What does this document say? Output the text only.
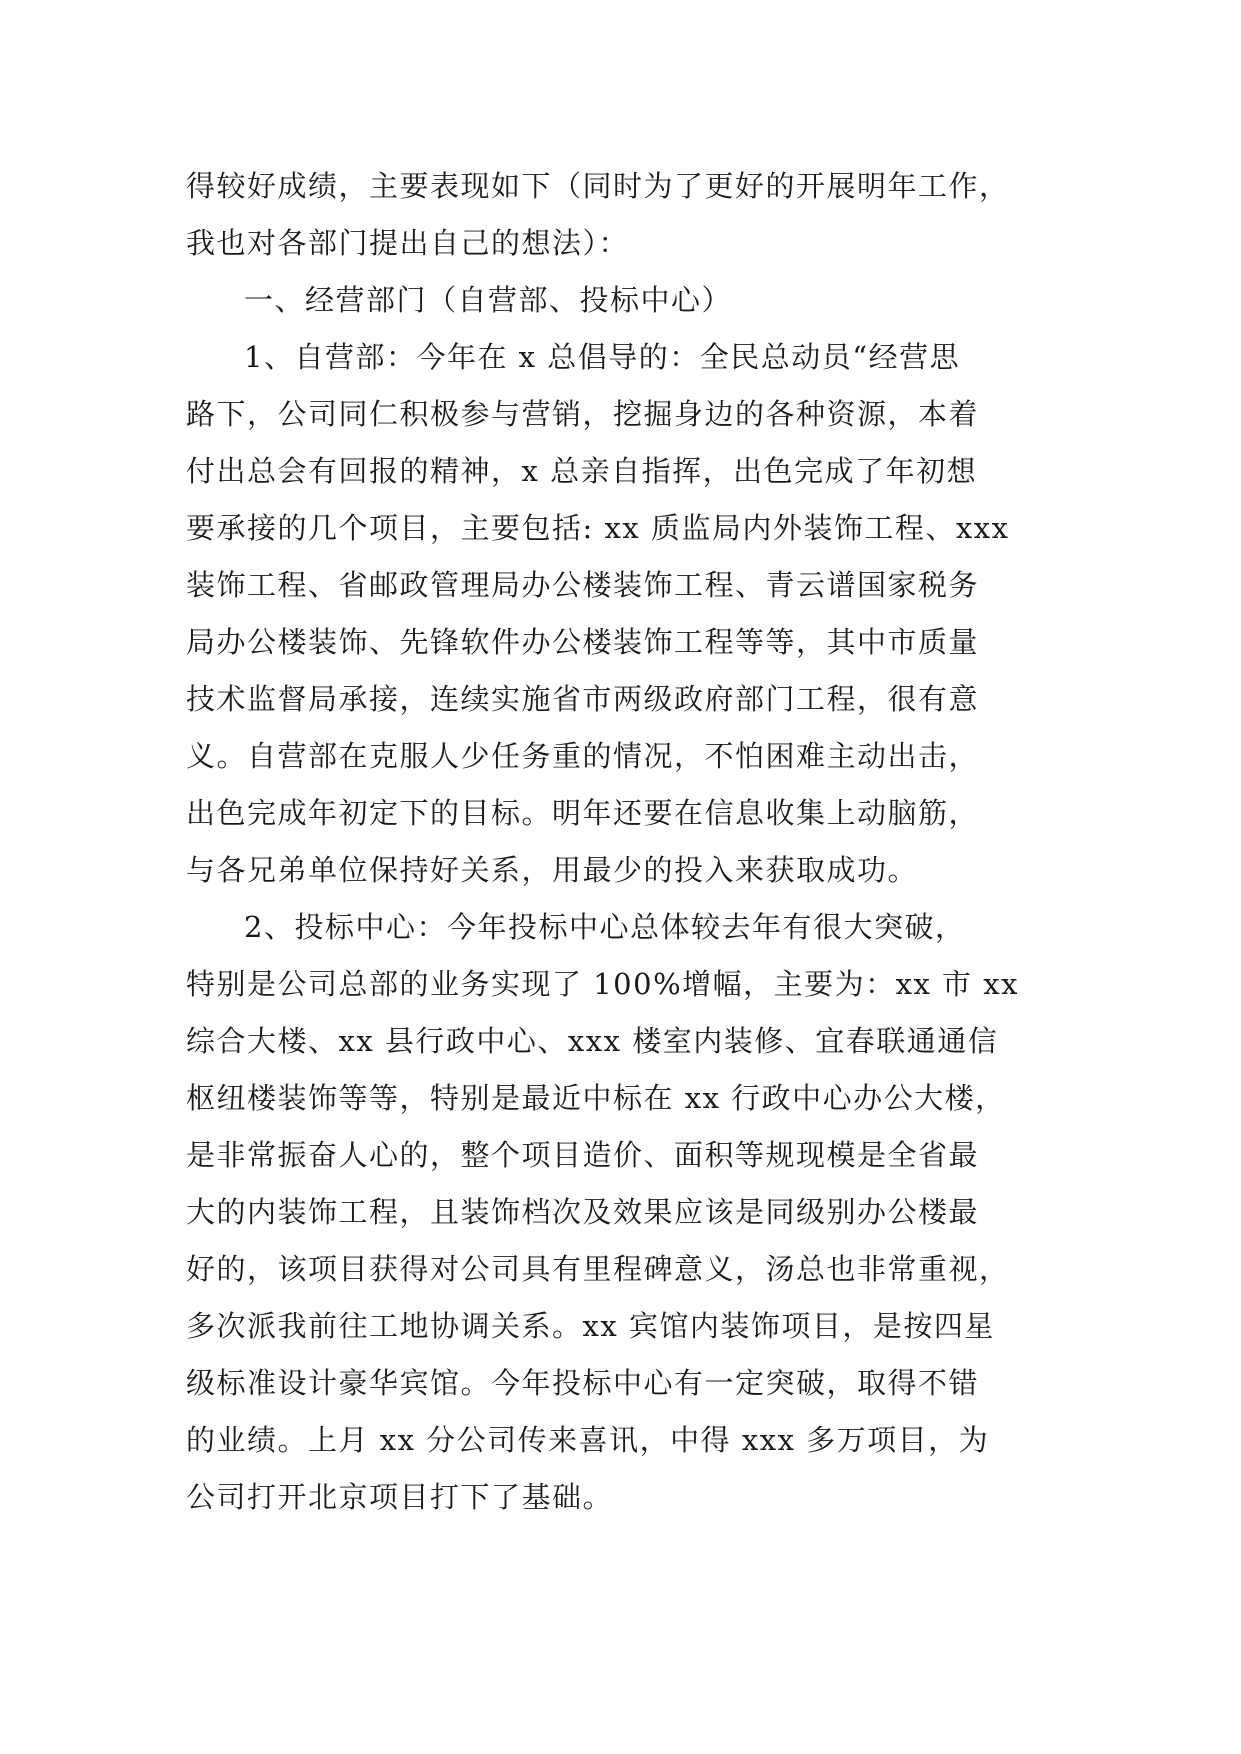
得较好成绩，主要表现如下（同时为了更好的开展明年工作，
我也对各部门提出自己的想法）：
一、经营部门（自营部、投标中心）
1、自营部：今年在 x 总倡导的：全民总动员“经营思
路下，公司同仁积极参与营销，挖掘身边的各种资源，本着
付出总会有回报的精神，x 总亲自指挥，出色完成了年初想
要承接的几个项目，主要包括: xx 质监局内外装饰工程、xxx
装饰工程、省邮政管理局办公楼装饰工程、青云谱国家税务
局办公楼装饰、先锋软件办公楼装饰工程等等，其中市质量
技术监督局承接，连续实施省市两级政府部门工程，很有意
义。自营部在克服人少任务重的情况，不怕困难主动出击，
出色完成年初定下的目标。明年还要在信息收集上动脑筋，
与各兄弟单位保持好关系，用最少的投入来获取成功。
2、投标中心：今年投标中心总体较去年有很大突破，
特别是公司总部的业务实现了 100%增幅，主要为：xx 市 xx
综合大楼、xx 县行政中心、xxx 楼室内装修、宜春联通通信
枢纽楼装饰等等，特别是最近中标在 xx 行政中心办公大楼，
是非常振奋人心的，整个项目造价、面积等规现模是全省最
大的内装饰工程，且装饰档次及效果应该是同级别办公楼最
好的，该项目获得对公司具有里程碑意义，汤总也非常重视，
多次派我前往工地协调关系。xx 宾馆内装饰项目，是按四星
级标准设计豪华宾馆。今年投标中心有一定突破，取得不错
的业绩。上月 xx 分公司传来喜讯，中得 xxx 多万项目，为
公司打开北京项目打下了基础。
